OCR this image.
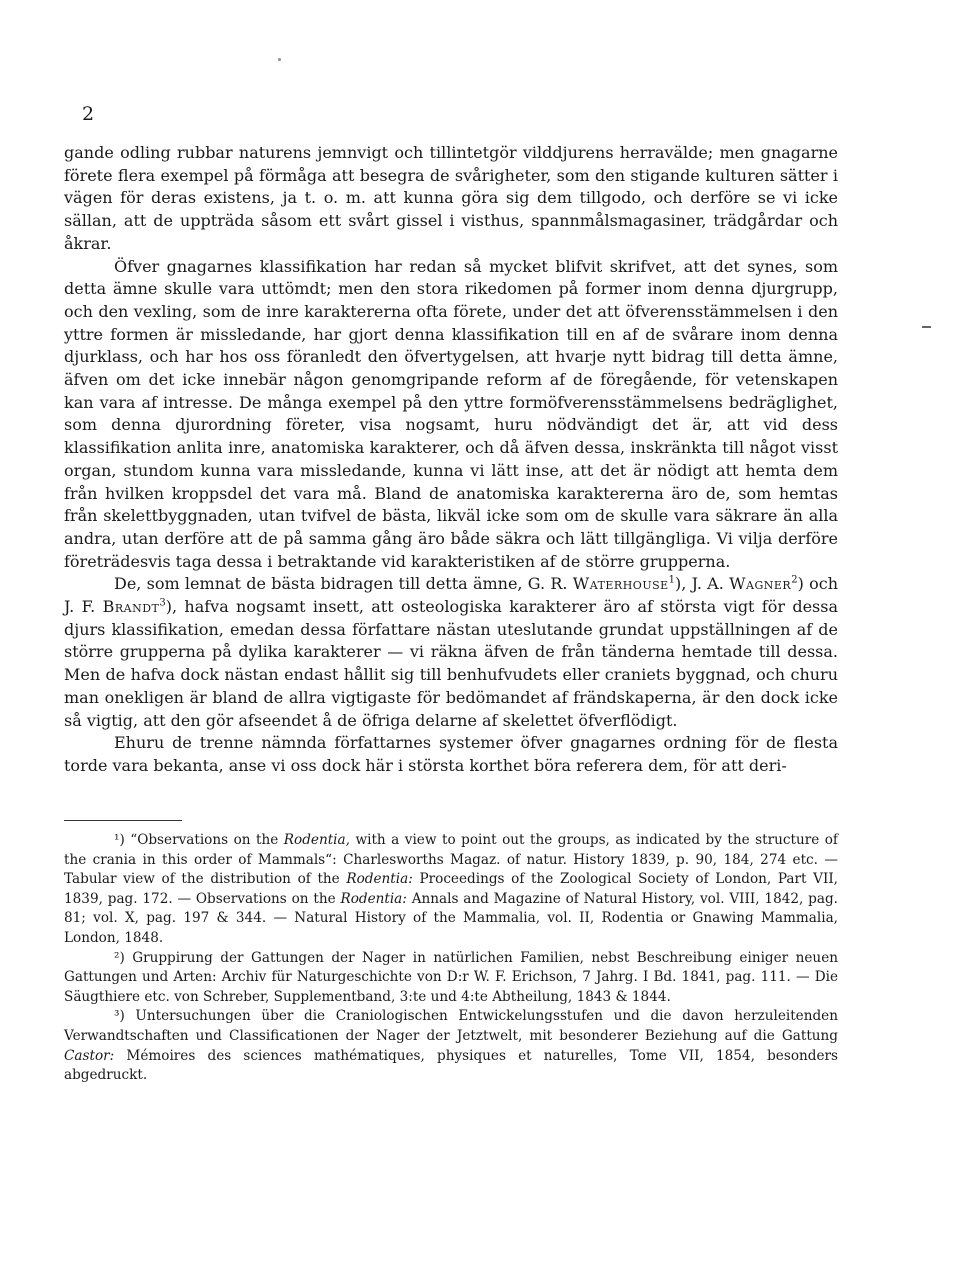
2

gande odling rubbar naturens jemnvigt och tillintetgör vilddjurens herravälde; men gnagarne förete flera exempel på förmåga att besegra de svårigheter, som den stigande kulturen sätter i vägen för deras existens, ja t. o. m. att kunna göra sig dem tillgodo, och derföre se vi icke sällan, att de uppträda såsom ett svårt gissel i visthus, spannmålsmagasiner, trädgårdar och åkrar.

Öfver gnagarnes klassifikation har redan så mycket blifvit skrifvet, att det synes, som detta ämne skulle vara uttömdt; men den stora rikedomen på former inom denna djurgrupp, och den vexling, som de inre karaktererna ofta förete, under det att öfverensstämmelsen i den yttre formen är missledande, har gjort denna klassifikation till en af de svårare inom denna djurklass, och har hos oss föranledt den öfvertygelsen, att hvarje nytt bidrag till detta ämne, äfven om det icke innebär någon genomgripande reform af de föregående, för vetenskapen kan vara af intresse. De många exempel på den yttre formöfverensstämmelsens bedräglighet, som denna djurordning företer, visa nogsamt, huru nödvändigt det är, att vid dess klassifikation anlita inre, anatomiska karakterer, och då äfven dessa, inskränkta till något visst organ, stundom kunna vara missledande, kunna vi lätt inse, att det är nödigt att hemta dem från hvilken kroppsdel det vara må. Bland de anatomiska karaktererna äro de, som hemtas från skelettbyggnaden, utan tvifvel de bästa, likväl icke som om de skulle vara säkrare än alla andra, utan derföre att de på samma gång äro både säkra och lätt tillgängliga. Vi vilja derföre företrädesvis taga dessa i betraktande vid karakteristiken af de större grupperna.

De, som lemnat de bästa bidragen till detta ämne, G. R. Waterhouse$^1$), J. A. Wagner$^2$) och J. F. Brandt$^3$), hafva nogsamt insett, att osteologiska karakterer äro af största vigt för dessa djurs klassifikation, emedan dessa författare nästan uteslutande grundat uppställningen af de större grupperna på dylika karakterer — vi räkna äfven de från tänderna hemtade till dessa. Men de hafva dock nästan endast hållit sig till benhufvudets eller craniets byggnad, och churu man onekligen är bland de allra vigtigaste för bedömandet af frändskaperna, är den dock icke så vigtig, att den gör afseendet å de öfriga delarne af skelettet öfverflödigt.

Ehuru de trenne nämnda författarnes systemer öfver gnagarnes ordning för de flesta torde vara bekanta, anse vi oss dock här i största korthet böra referera dem, för att deri-

¹) “Observations on the Rodentia, with a view to point out the groups, as indicated by the structure of the crania in this order of Mammals“: Charlesworths Magaz. of natur. History 1839, p. 90, 184, 274 etc. — Tabular view of the distribution of the Rodentia: Proceedings of the Zoological Society of London, Part VII, 1839, pag. 172. — Observations on the Rodentia: Annals and Magazine of Natural History, vol. VIII, 1842, pag. 81; vol. X, pag. 197 & 344. — Natural History of the Mammalia, vol. II, Rodentia or Gnawing Mammalia, London, 1848.

²) Gruppirung der Gattungen der Nager in natürlichen Familien, nebst Beschreibung einiger neuen Gattungen und Arten: Archiv für Naturgeschichte von D:r W. F. Erichson, 7 Jahrg. I Bd. 1841, pag. 111. — Die Säugthiere etc. von Schreber, Supplementband, 3:te und 4:te Abtheilung, 1843 & 1844.

³) Untersuchungen über die Craniologischen Entwickelungsstufen und die davon herzuleitenden Verwandtschaften und Classificationen der Nager der Jetztwelt, mit besonderer Beziehung auf die Gattung Castor: Mémoires des sciences mathématiques, physiques et naturelles, Tome VII, 1854, besonders abgedruckt.
